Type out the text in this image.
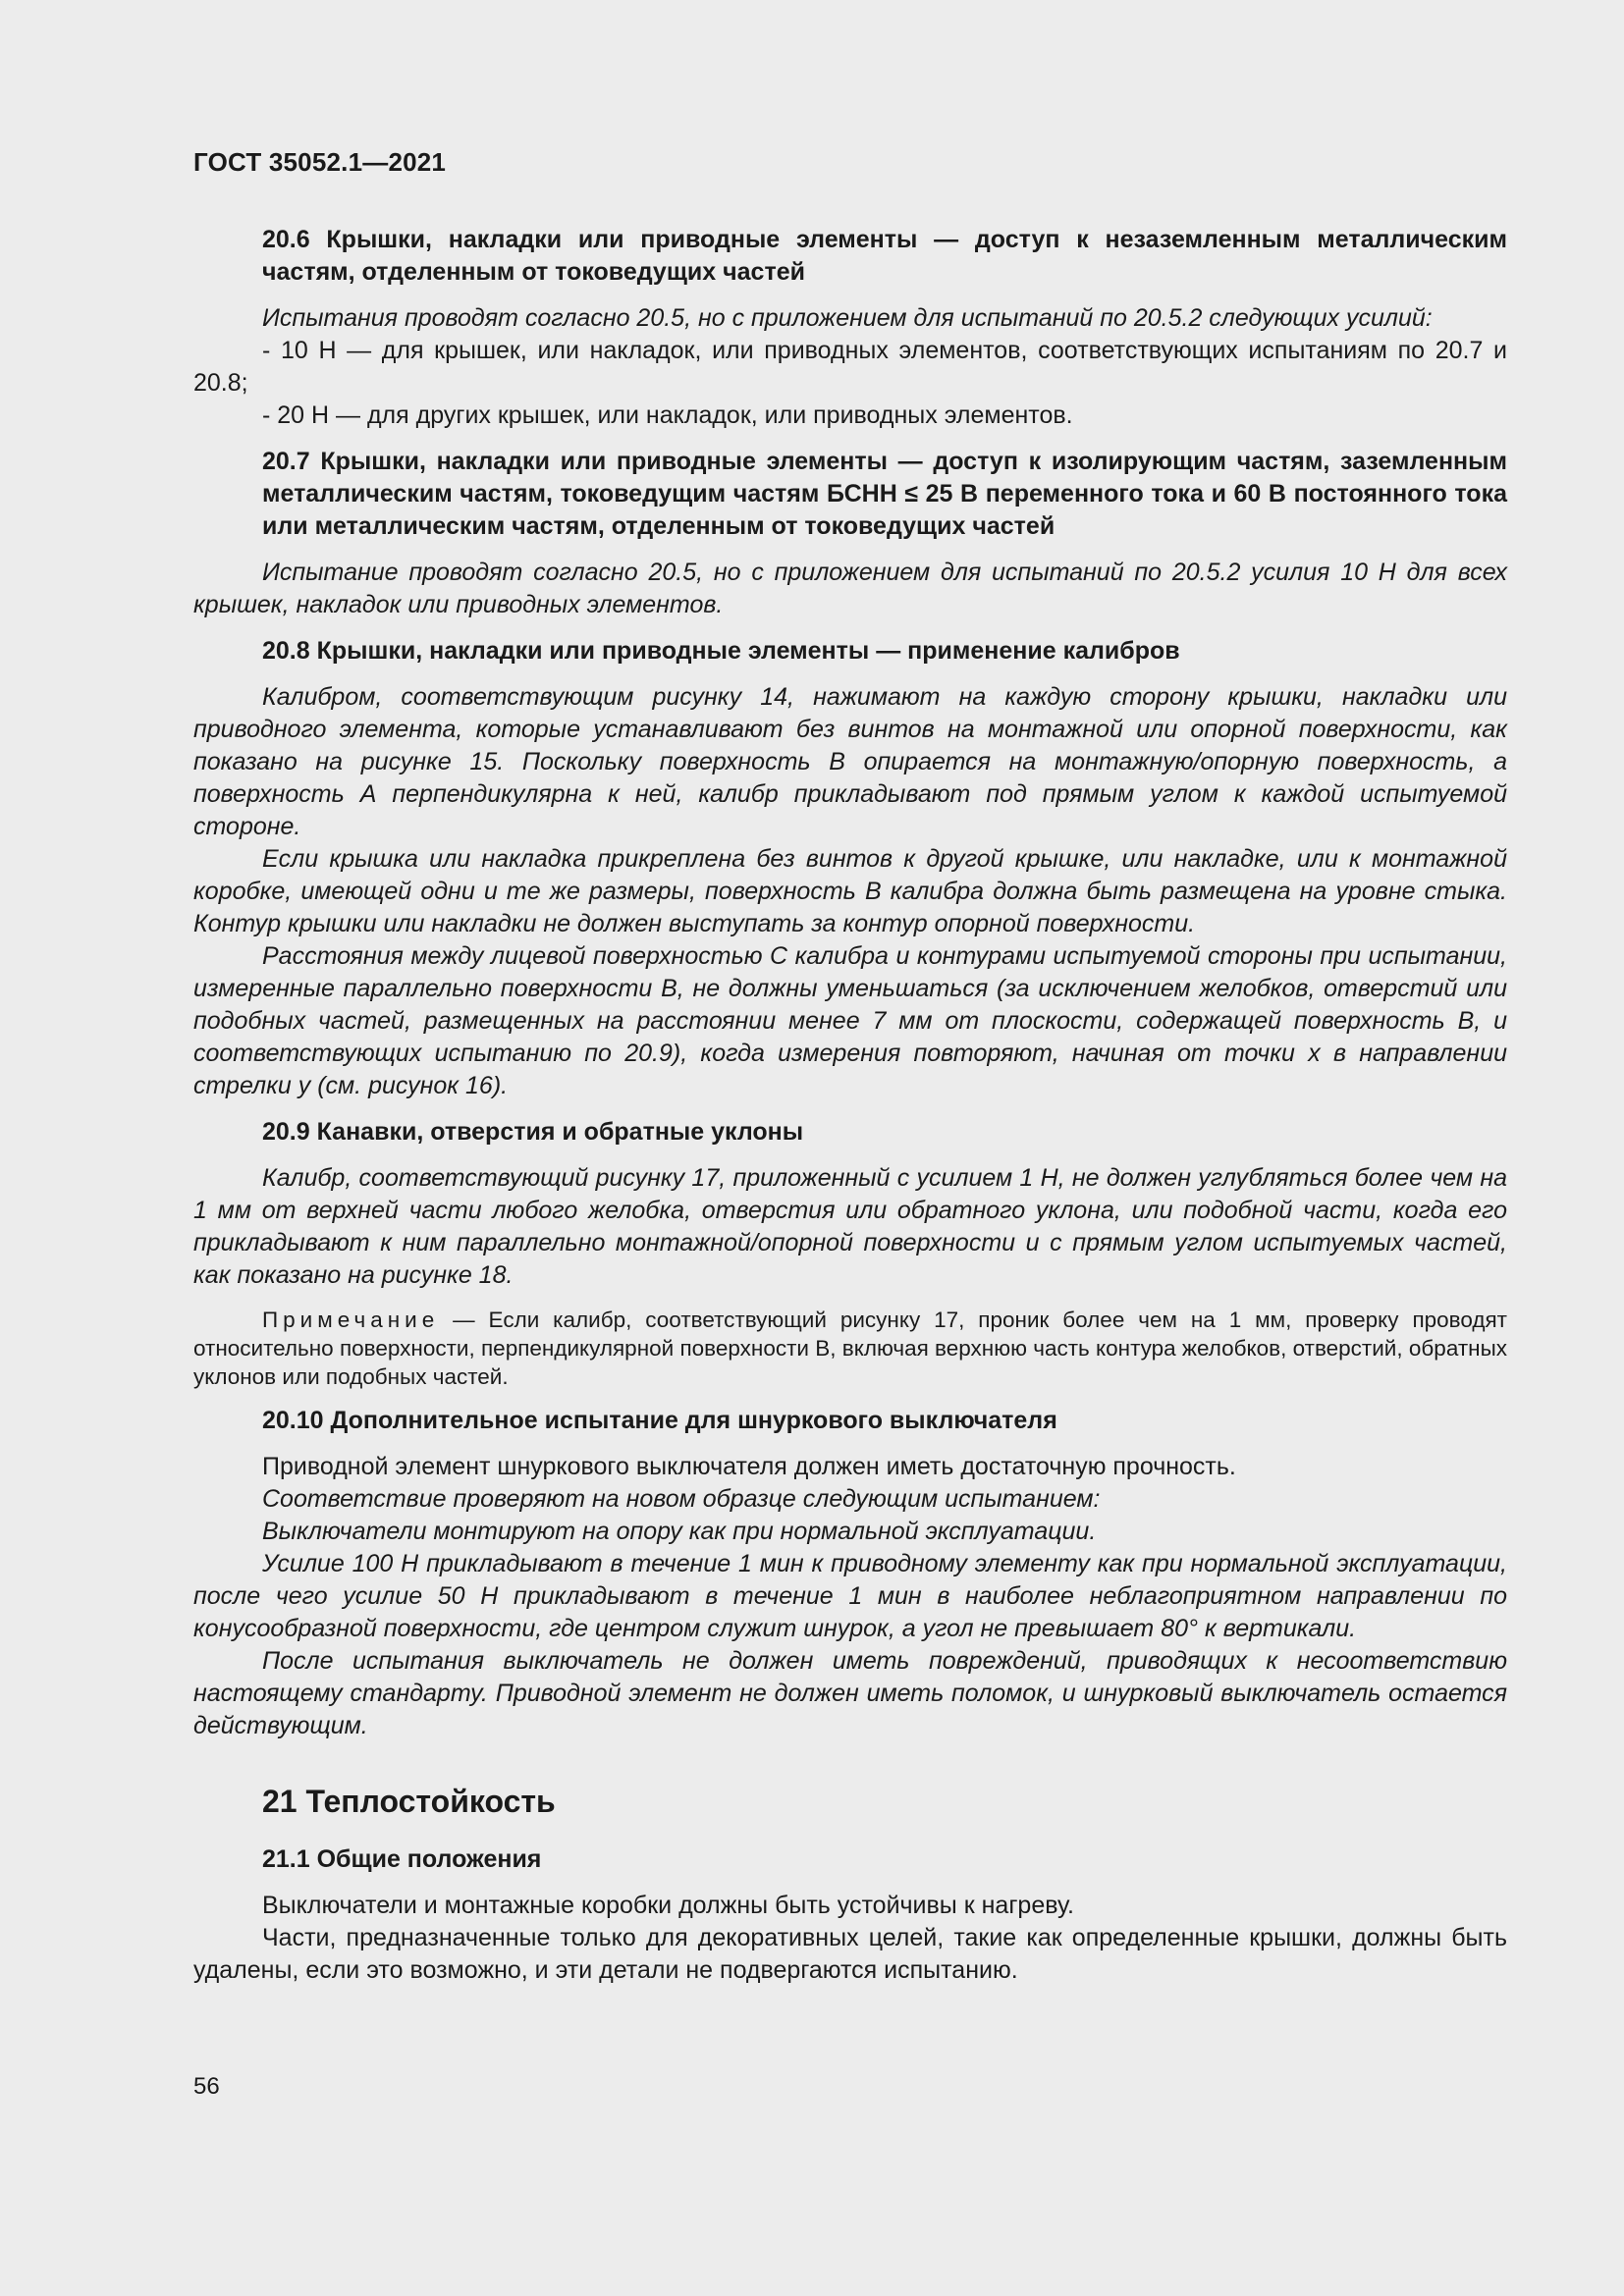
ГОСТ 35052.1—2021
20.6 Крышки, накладки или приводные элементы — доступ к незаземленным металлическим частям, отделенным от токоведущих частей

Испытания проводят согласно 20.5, но с приложением для испытаний по 20.5.2 следующих усилий:

- 10 Н — для крышек, или накладок, или приводных элементов, соответствующих испытаниям по 20.7 и 20.8;

- 20 Н — для других крышек, или накладок, или приводных элементов.

20.7 Крышки, накладки или приводные элементы — доступ к изолирующим частям, заземленным металлическим частям, токоведущим частям БСНН ≤ 25 В переменного тока и 60 В постоянного тока или металлическим частям, отделенным от токоведущих частей

Испытание проводят согласно 20.5, но с приложением для испытаний по 20.5.2 усилия 10 Н для всех крышек, накладок или приводных элементов.

20.8 Крышки, накладки или приводные элементы — применение калибров

Калибром, соответствующим рисунку 14, нажимают на каждую сторону крышки, накладки или приводного элемента, которые устанавливают без винтов на монтажной или опорной поверхности, как показано на рисунке 15. Поскольку поверхность В опирается на монтажную/опорную поверхность, а поверхность А перпендикулярна к ней, калибр прикладывают под прямым углом к каждой испытуемой стороне.

Если крышка или накладка прикреплена без винтов к другой крышке, или накладке, или к монтажной коробке, имеющей одни и те же размеры, поверхность В калибра должна быть размещена на уровне стыка. Контур крышки или накладки не должен выступать за контур опорной поверхности.

Расстояния между лицевой поверхностью С калибра и контурами испытуемой стороны при испытании, измеренные параллельно поверхности В, не должны уменьшаться (за исключением желобков, отверстий или подобных частей, размещенных на расстоянии менее 7 мм от плоскости, содержащей поверхность В, и соответствующих испытанию по 20.9), когда измерения повторяют, начиная от точки х в направлении стрелки у (см. рисунок 16).

20.9 Канавки, отверстия и обратные уклоны

Калибр, соответствующий рисунку 17, приложенный с усилием 1 Н, не должен углубляться более чем на 1 мм от верхней части любого желобка, отверстия или обратного уклона, или подобной части, когда его прикладывают к ним параллельно монтажной/опорной поверхности и с прямым углом испытуемых частей, как показано на рисунке 18.

Примечание — Если калибр, соответствующий рисунку 17, проник более чем на 1 мм, проверку проводят относительно поверхности, перпендикулярной поверхности В, включая верхнюю часть контура желобков, отверстий, обратных уклонов или подобных частей.

20.10 Дополнительное испытание для шнуркового выключателя

Приводной элемент шнуркового выключателя должен иметь достаточную прочность.

Соответствие проверяют на новом образце следующим испытанием:

Выключатели монтируют на опору как при нормальной эксплуатации.

Усилие 100 Н прикладывают в течение 1 мин к приводному элементу как при нормальной эксплуатации, после чего усилие 50 Н прикладывают в течение 1 мин в наиболее неблагоприятном направлении по конусообразной поверхности, где центром служит шнурок, а угол не превышает 80° к вертикали.

После испытания выключатель не должен иметь повреждений, приводящих к несоответствию настоящему стандарту. Приводной элемент не должен иметь поломок, и шнурковый выключатель остается действующим.

21 Теплостойкость
21.1 Общие положения

Выключатели и монтажные коробки должны быть устойчивы к нагреву.

Части, предназначенные только для декоративных целей, такие как определенные крышки, должны быть удалены, если это возможно, и эти детали не подвергаются испытанию.

56
